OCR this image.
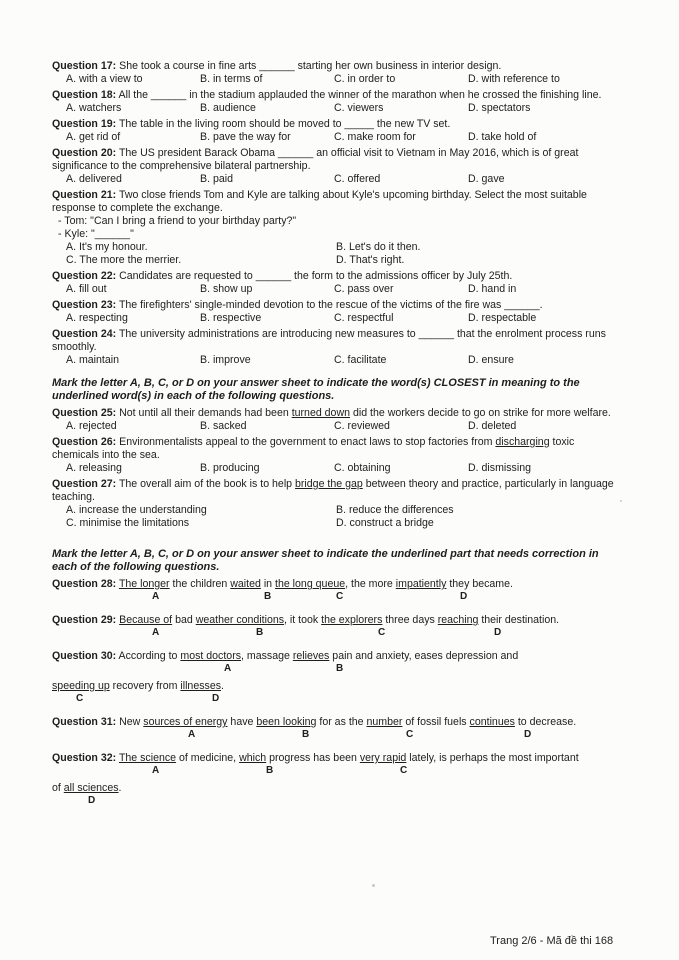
Question 17: She took a course in fine arts ______ starting her own business in interior design.
A. with a view to	B. in terms of	C. in order to	D. with reference to
Question 18: All the ______ in the stadium applauded the winner of the marathon when he crossed the finishing line.
A. watchers	B. audience	C. viewers	D. spectators
Question 19: The table in the living room should be moved to _____ the new TV set.
A. get rid of	B. pave the way for	C. make room for	D. take hold of
Question 20: The US president Barack Obama ______ an official visit to Vietnam in May 2016, which is of great significance to the comprehensive bilateral partnership.
A. delivered	B. paid	C. offered	D. gave
Question 21: Two close friends Tom and Kyle are talking about Kyle's upcoming birthday. Select the most suitable response to complete the exchange.
- Tom: "Can I bring a friend to your birthday party?"
- Kyle: "______"
A. It's my honour.	B. Let's do it then.
C. The more the merrier.	D. That's right.
Question 22: Candidates are requested to ______ the form to the admissions officer by July 25th.
A. fill out	B. show up	C. pass over	D. hand in
Question 23: The firefighters' single-minded devotion to the rescue of the victims of the fire was ______.
A. respecting	B. respective	C. respectful	D. respectable
Question 24: The university administrations are introducing new measures to ______ that the enrolment process runs smoothly.
A. maintain	B. improve	C. facilitate	D. ensure
Mark the letter A, B, C, or D on your answer sheet to indicate the word(s) CLOSEST in meaning to the underlined word(s) in each of the following questions.
Question 25: Not until all their demands had been turned down did the workers decide to go on strike for more welfare.
A. rejected	B. sacked	C. reviewed	D. deleted
Question 26: Environmentalists appeal to the government to enact laws to stop factories from discharging toxic chemicals into the sea.
A. releasing	B. producing	C. obtaining	D. dismissing
Question 27: The overall aim of the book is to help bridge the gap between theory and practice, particularly in language teaching.
A. increase the understanding	B. reduce the differences
C. minimise the limitations	D. construct a bridge
Mark the letter A, B, C, or D on your answer sheet to indicate the underlined part that needs correction in each of the following questions.
Question 28: The longer the children waited in the long queue, the more impatiently they became.
A	B	C	D
Question 29: Because of bad weather conditions, it took the explorers three days reaching their destination.
A	B	C	D
Question 30: According to most doctors, massage relieves pain and anxiety, eases depression and
A	B
speeding up recovery from illnesses.
C	D
Question 31: New sources of energy have been looking for as the number of fossil fuels continues to decrease.
A	B	C	D
Question 32: The science of medicine, which progress has been very rapid lately, is perhaps the most important
A	B	C
of all sciences.
D
Trang 2/6 - Mã đề thi 168
